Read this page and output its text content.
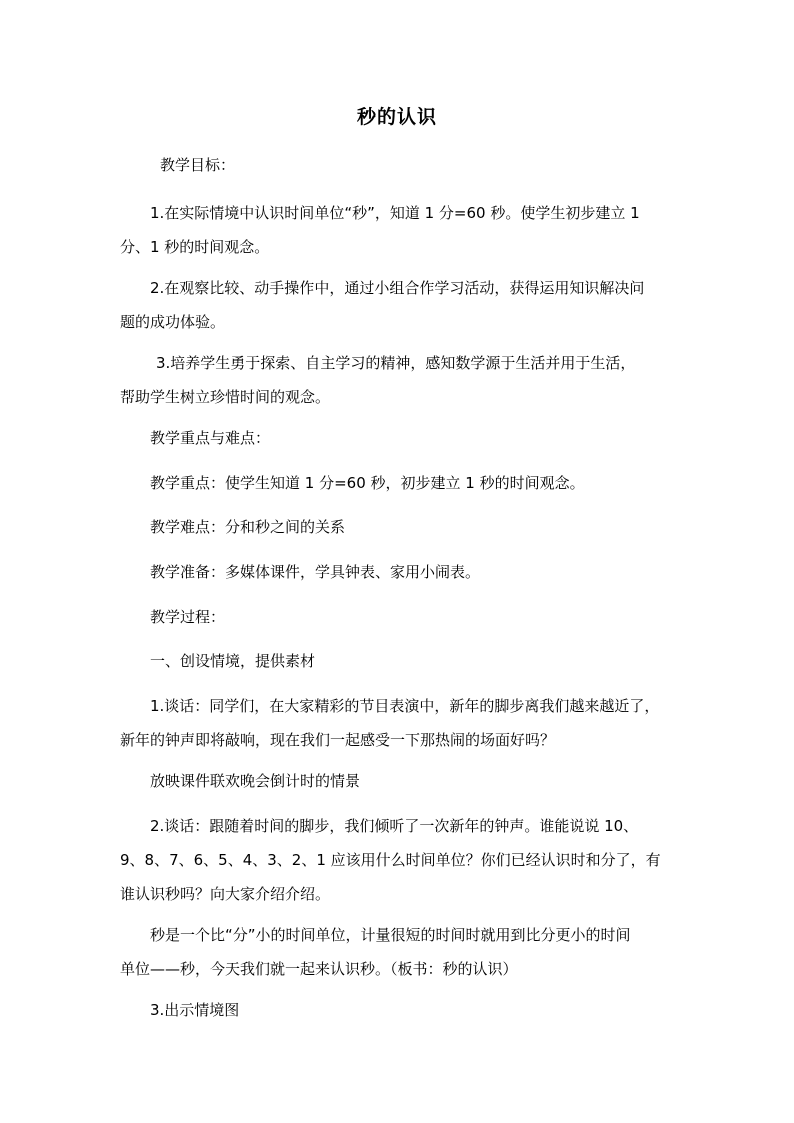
秒的认识

教学目标：

1.在实际情境中认识时间单位“秒”，知道 1 分=60 秒。使学生初步建立 1
分、1 秒的时间观念。

2.在观察比较、动手操作中，通过小组合作学习活动，获得运用知识解决问
题的成功体验。

3.培养学生勇于探索、自主学习的精神，感知数学源于生活并用于生活，
帮助学生树立珍惜时间的观念。

教学重点与难点：

教学重点：使学生知道 1 分=60 秒，初步建立 1 秒的时间观念。

教学难点：分和秒之间的关系

教学准备：多媒体课件，学具钟表、家用小闹表。

教学过程：

一、创设情境，提供素材

1.谈话：同学们，在大家精彩的节目表演中，新年的脚步离我们越来越近了，
新年的钟声即将敲响，现在我们一起感受一下那热闹的场面好吗？

放映课件联欢晚会倒计时的情景

2.谈话：跟随着时间的脚步，我们倾听了一次新年的钟声。谁能说说 10、
9、8、7、6、5、4、3、2、1 应该用什么时间单位？你们已经认识时和分了，有
谁认识秒吗？向大家介绍介绍。

秒是一个比“分”小的时间单位，计量很短的时间时就用到比分更小的时间
单位——秒，今天我们就一起来认识秒。（板书：秒的认识）

3.出示情境图
